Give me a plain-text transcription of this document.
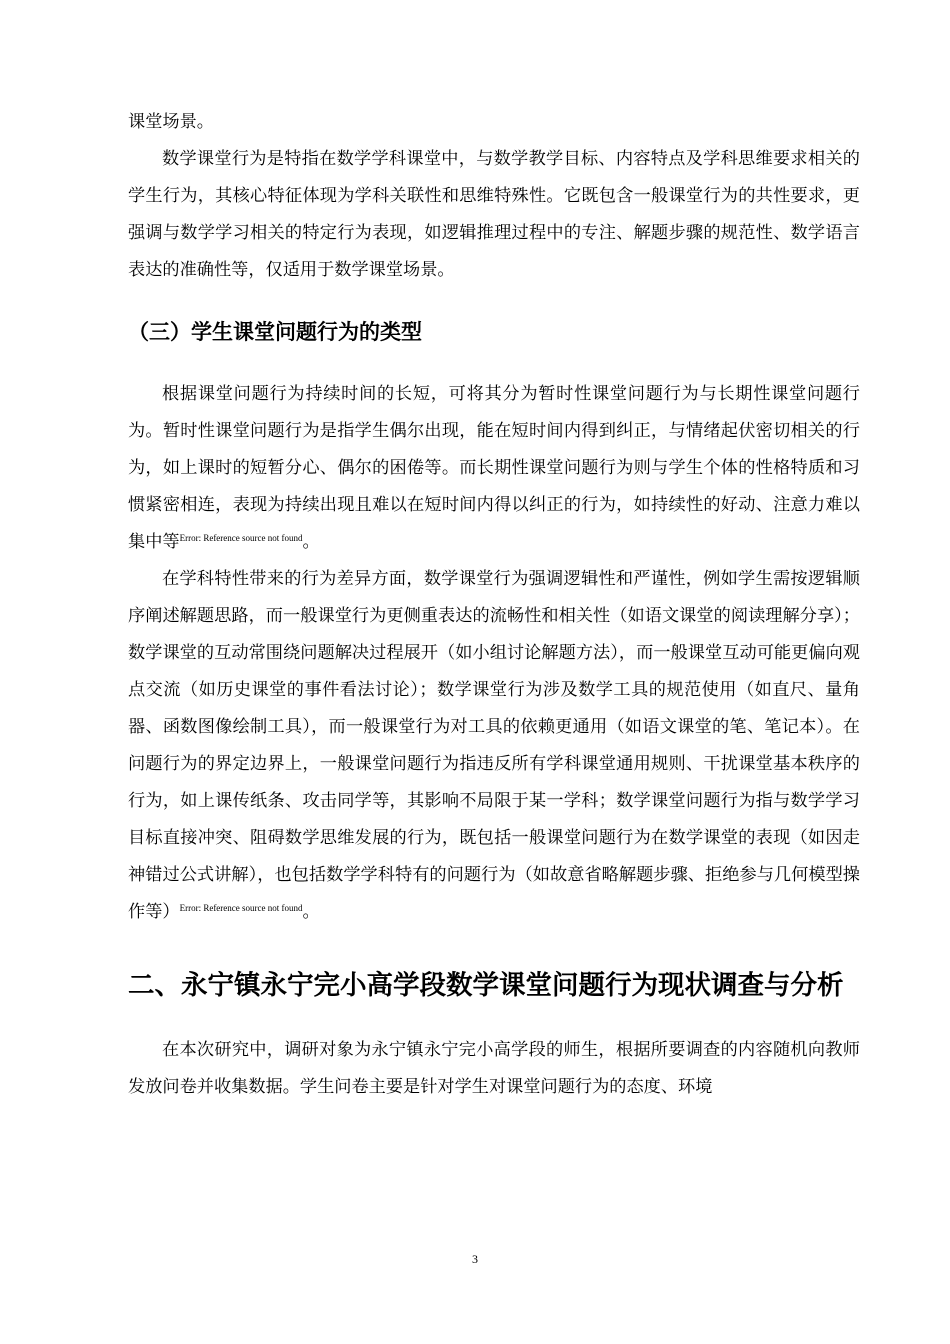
课堂场景。

数学课堂行为是特指在数学学科课堂中，与数学教学目标、内容特点及学科思维要求相关的学生行为，其核心特征体现为学科关联性和思维特殊性。它既包含一般课堂行为的共性要求，更强调与数学学习相关的特定行为表现，如逻辑推理过程中的专注、解题步骤的规范性、数学语言表达的准确性等，仅适用于数学课堂场景。

（三）学生课堂问题行为的类型

根据课堂问题行为持续时间的长短，可将其分为暂时性课堂问题行为与长期性课堂问题行为。暂时性课堂问题行为是指学生偶尔出现，能在短时间内得到纠正，与情绪起伏密切相关的行为，如上课时的短暂分心、偶尔的困倦等。而长期性课堂问题行为则与学生个体的性格特质和习惯紧密相连，表现为持续出现且难以在短时间内得以纠正的行为，如持续性的好动、注意力难以集中等$^{Error: Reference source not found}$。

在学科特性带来的行为差异方面，数学课堂行为强调逻辑性和严谨性，例如学生需按逻辑顺序阐述解题思路，而一般课堂行为更侧重表达的流畅性和相关性（如语文课堂的阅读理解分享）；数学课堂的互动常围绕问题解决过程展开（如小组讨论解题方法），而一般课堂互动可能更偏向观点交流（如历史课堂的事件看法讨论）；数学课堂行为涉及数学工具的规范使用（如直尺、量角器、函数图像绘制工具），而一般课堂行为对工具的依赖更通用（如语文课堂的笔、笔记本）。在问题行为的界定边界上，一般课堂问题行为指违反所有学科课堂通用规则、干扰课堂基本秩序的行为，如上课传纸条、攻击同学等，其影响不局限于某一学科；数学课堂问题行为指与数学学习目标直接冲突、阻碍数学思维发展的行为，既包括一般课堂问题行为在数学课堂的表现（如因走神错过公式讲解），也包括数学学科特有的问题行为（如故意省略解题步骤、拒绝参与几何模型操作等）$^{Error: Reference source not found}$。

二、永宁镇永宁完小高学段数学课堂问题行为现状调查与分析

在本次研究中，调研对象为永宁镇永宁完小高学段的师生，根据所要调查的内容随机向教师发放问卷并收集数据。学生问卷主要是针对学生对课堂问题行为的态度、环境

3
